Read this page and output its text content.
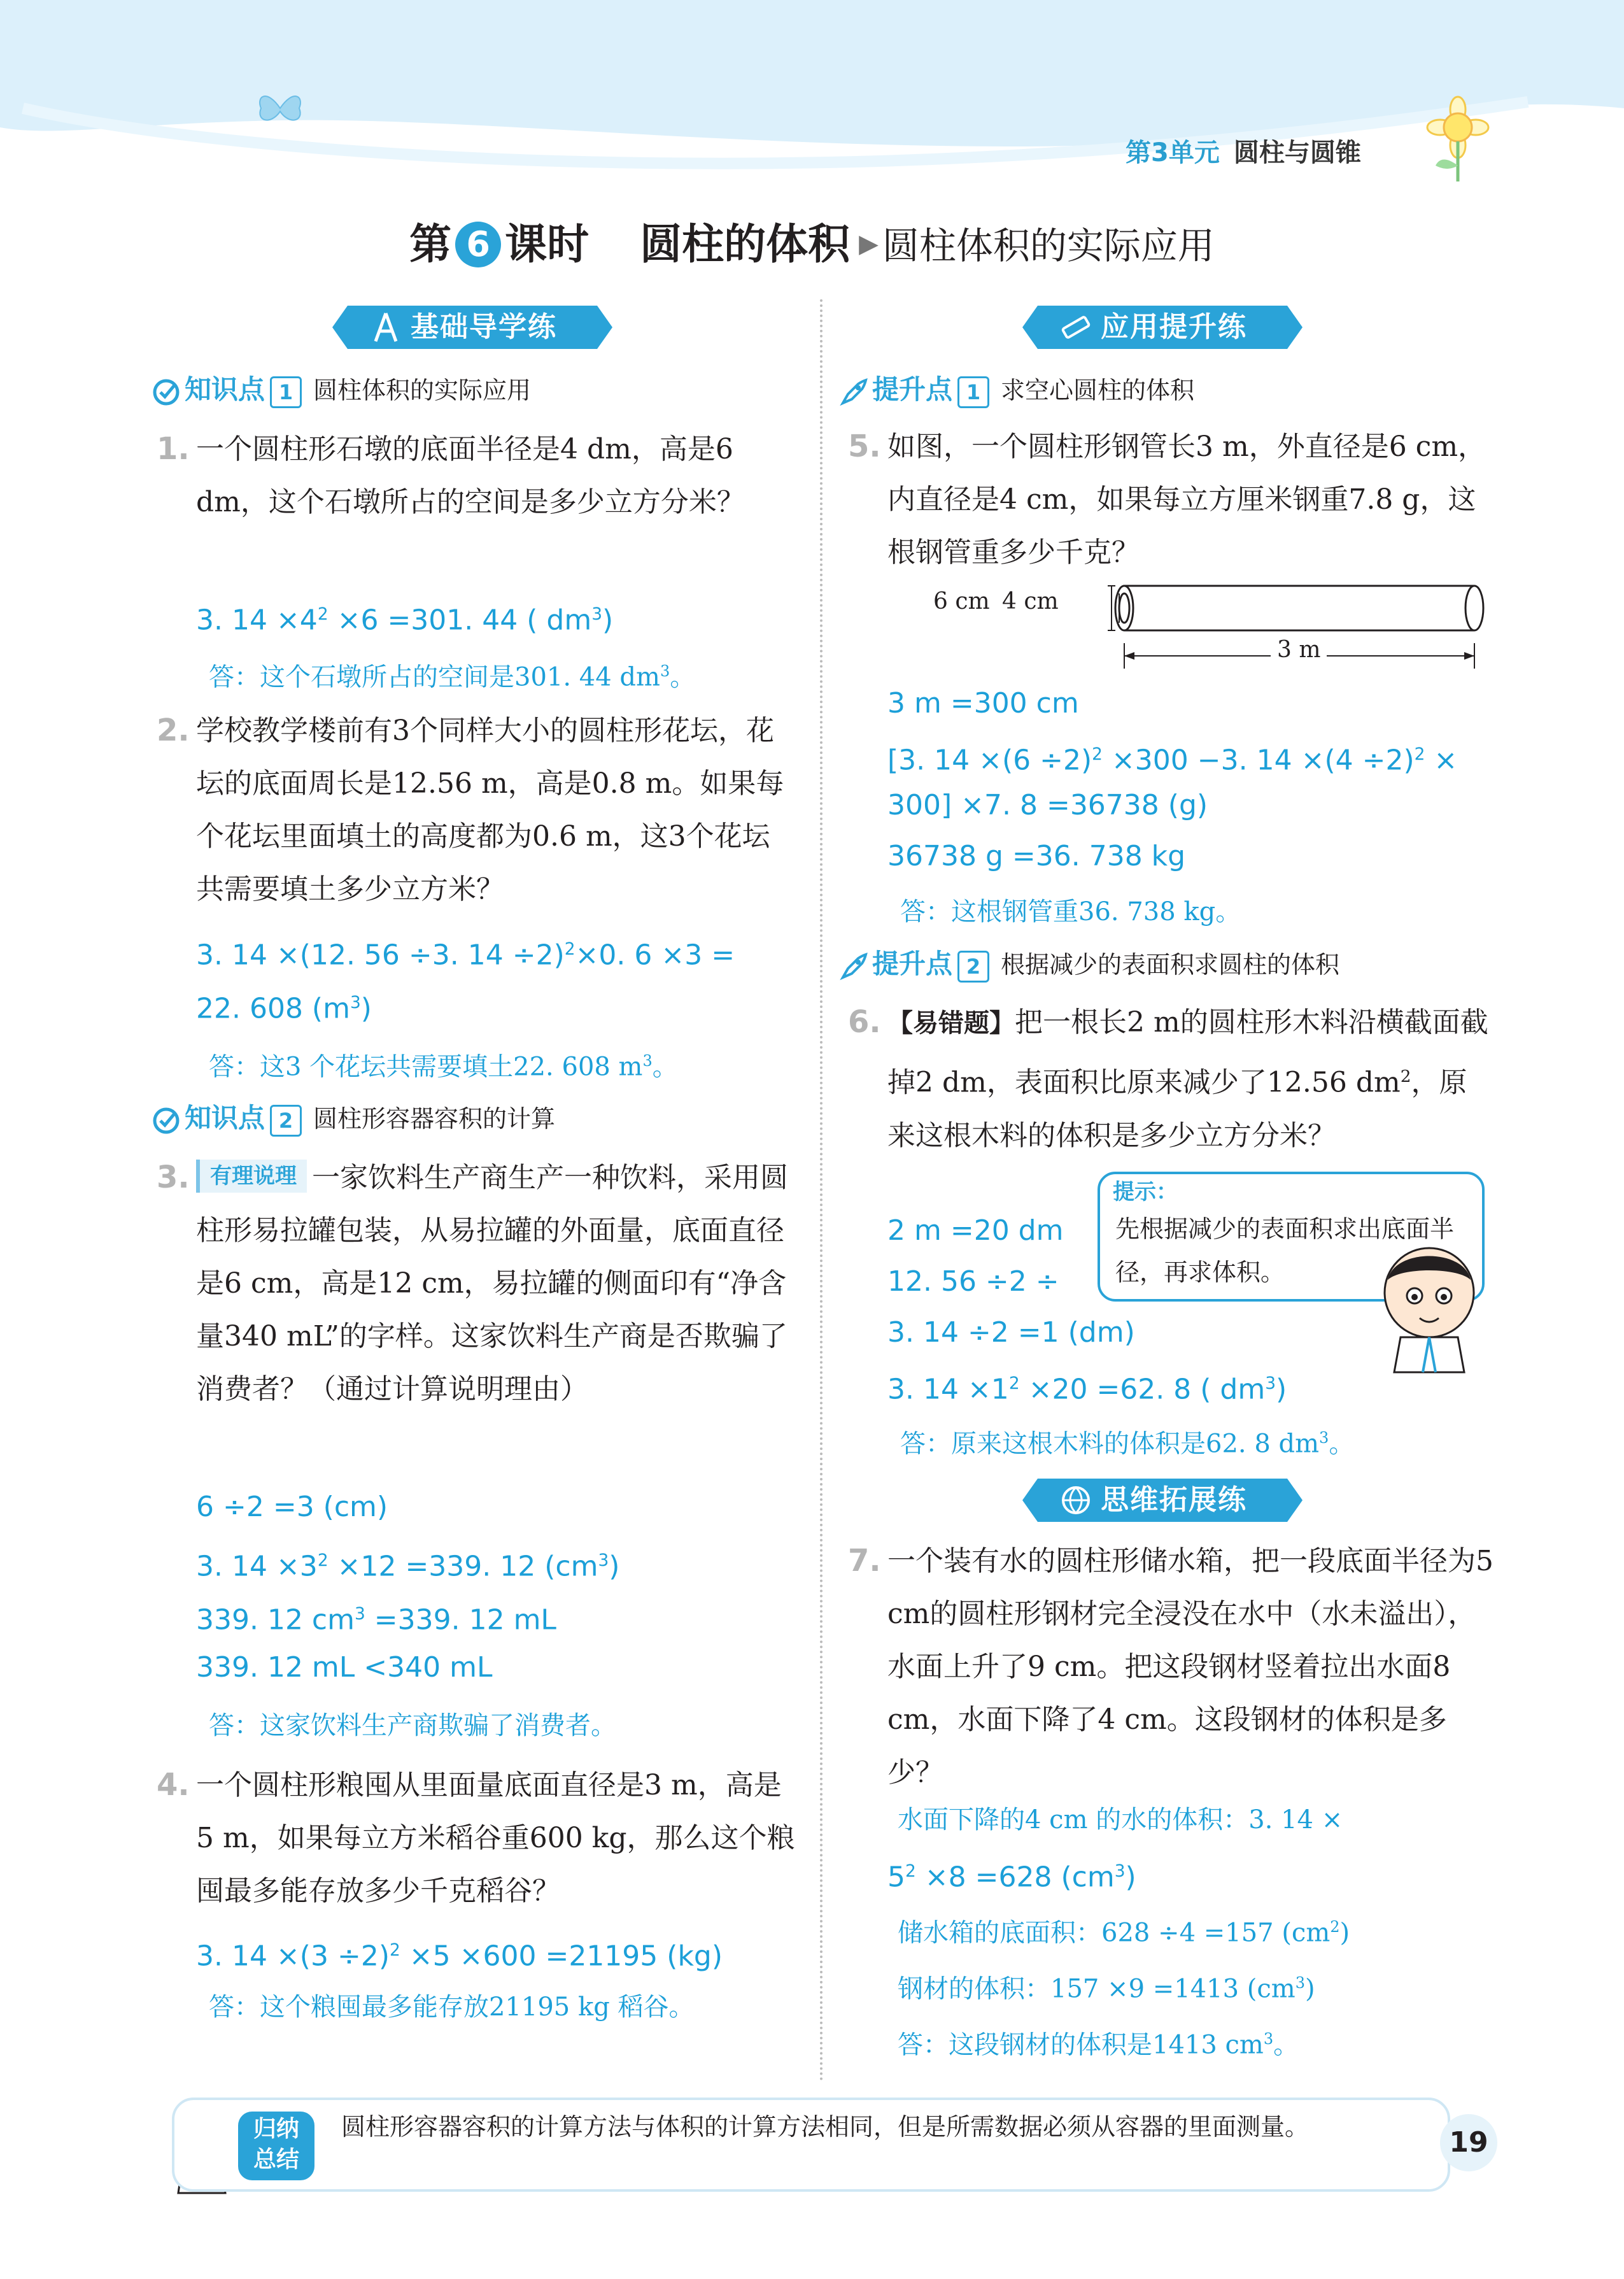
第3单元 圆柱与圆锥
第 6 课时 圆柱的体积 ▶ 圆柱体积的实际应用
基础导学练
知识点 1 圆柱体积的实际应用
1. 一个圆柱形石墩的底面半径是4 dm，高是6 dm，这个石墩所占的空间是多少立方分米？
3. $14 \times 4^2 \times 6 =301$. 44 ( $dm^3$)
答：这个石墩所占的空间是301. 44 $dm^3$。
2. 学校教学楼前有3个同样大小的圆柱形花坛，花坛的底面周长是12.56 m，高是0.8 m。如果每个花坛里面填土的高度都为0.6 m，这3个花坛共需要填土多少立方米？
3. 14 ×(12. 56 ÷3. 14 ÷2)$^2$×0. 6 ×3 =
22. 608 $(m^3)$
答：这3 个花坛共需要填土22. 608 $m^3$。
知识点 2 圆柱形容器容积的计算
3. 有理说理 一家饮料生产商生产一种饮料，采用圆柱形易拉罐包装，从易拉罐的外面量，底面直径是6 cm，高是12 cm，易拉罐的侧面印有“净含量340 mL”的字样。这家饮料生产商是否欺骗了消费者？（通过计算说明理由）
6 ÷2 =3 (cm)
3. $14 \times 3^2 \times 12 =339$. 12 $(cm^3)$
339. 12 $cm^3 =339$. 12 mL
339. 12 mL <340 mL
答：这家饮料生产商欺骗了消费者。
4. 一个圆柱形粮囤从里面量底面直径是3 m，高是5 m，如果每立方米稻谷重600 kg，那么这个粮囤最多能存放多少千克稻谷？
3. $14 \times(3 \div 2)^2 \times 5 \times 600 =21195$ (kg)
答：这个粮囤最多能存放21195 kg 稻谷。
应用提升练
提升点 1 求空心圆柱的体积
5. 如图，一个圆柱形钢管长3 m，外直径是6 cm，内直径是4 cm，如果每立方厘米钢重7.8 g，这根钢管重多少千克？
6 cm 4 cm
3 m
3 m =300 cm
[3. $14 \times(6 \div 2)^2 \times 300 -3$. $14 \times(4 \div 2)^2$ ×
300] ×7. 8 =36738 (g)
36738 g =36. 738 kg
答：这根钢管重36. 738 kg。
提升点 2 根据减少的表面积求圆柱的体积
6. 【易错题】把一根长2 m的圆柱形木料沿横截面截掉2 dm，表面积比原来减少了12.56 $dm^2$，原来这根木料的体积是多少立方分米？
提示：
先根据减少的表面积求出底面半径，再求体积。
2 m =20 dm
12. 56 ÷2 ÷
3. 14 ÷2 =1 (dm)
3. $14 \times 1^2 \times 20 =62$. 8 ( $dm^3$)
答：原来这根木料的体积是62. 8 $dm^3$。
思维拓展练
7. 一个装有水的圆柱形储水箱，把一段底面半径为5 cm的圆柱形钢材完全浸没在水中（水未溢出），水面上升了9 cm。把这段钢材竖着拉出水面8 cm，水面下降了4 cm。这段钢材的体积是多少？
水面下降的4 cm 的水的体积：3. 14 ×
$5^2 \times 8 =628$ $(cm^3)$
储水箱的底面积：628 ÷4 =157 $(cm^2)$
钢材的体积：157 ×9 =1413 $(cm^3)$
答：这段钢材的体积是1413 $cm^3$。
归纳
总结
圆柱形容器容积的计算方法与体积的计算方法相同，但是所需数据必须从容器的里面测量。	19
